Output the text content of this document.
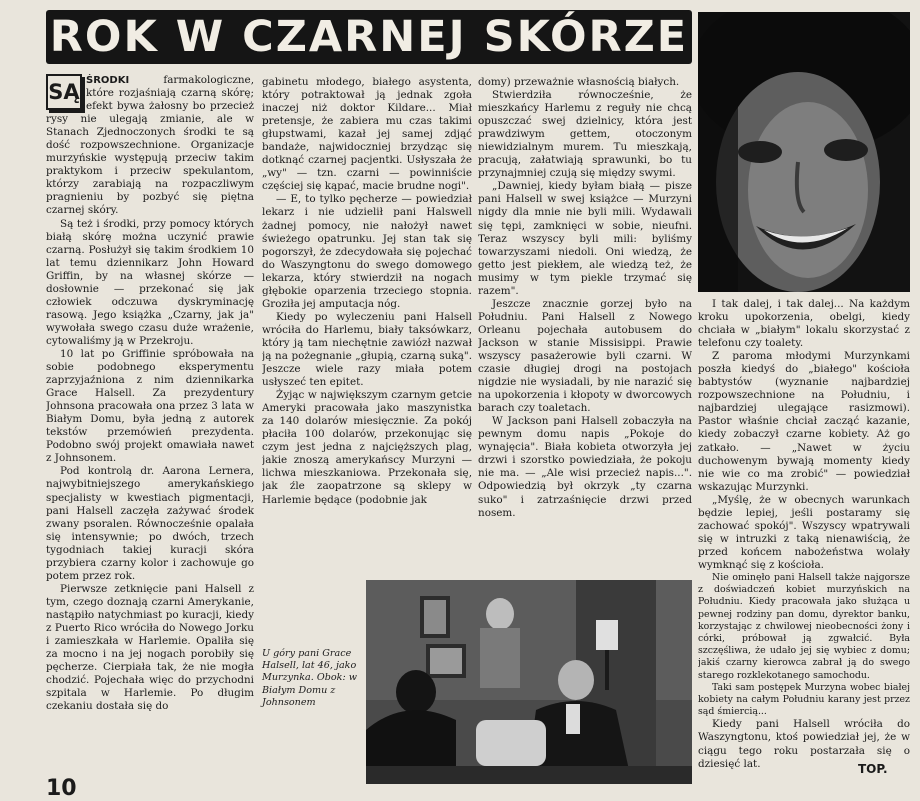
ROK W CZARNEJ SKÓRZE

SĄ ŚRODKI farmakologiczne, które rozjaśniają czarną skórę; efekt bywa żałosny bo przecież rysy nie ulegają zmianie, ale w Stanach Zjednoczonych środki te są dość rozpowszechnione. Organizacje murzyńskie występują przeciw takim praktykom i przeciw spekulantom, którzy zarabiają na rozpaczliwym pragnieniu by pozbyć się piętna czarnej skóry.

Są też i środki, przy pomocy których białą skórę można uczynić prawie czarną. Posłużył się takim środkiem 10 lat temu dziennikarz John Howard Griffin, by na własnej skórze — dosłownie — przekonać się jak człowiek odczuwa dyskryminację rasową. Jego książka „Czarny, jak ja" wywołała swego czasu duże wrażenie, cytowaliśmy ją w Przekroju.

10 lat po Griffinie spróbowała na sobie podobnego eksperymentu zaprzyjaźniona z nim dziennikarka Grace Halsell. Za prezydentury Johnsona pracowała ona przez 3 lata w Białym Domu, była jedną z autorek tekstów przemówień prezydenta. Podobno swój projekt omawiała nawet z Johnsonem.

Pod kontrolą dr. Aarona Lernera, najwybitniejszego amerykańskiego specjalisty w kwestiach pigmentacji, pani Halsell zaczęła zażywać środek zwany psoralen. Równocześnie opalała się intensywnie; po dwóch, trzech tygodniach takiej kuracji skóra przybiera czarny kolor i zachowuje go potem przez rok.

Pierwsze zetknięcie pani Halsell z tym, czego doznają czarni Amerykanie, nastąpiło natychmiast po kuracji, kiedy z Puerto Rico wróciła do Nowego Jorku i zamieszkała w Harlemie. Opaliła się za mocno i na jej nogach porobiły się pęcherze. Cierpiała tak, że nie mogła chodzić. Pojechała więc do przychodni szpitala w Harlemie. Po długim czekaniu dostała się do

gabinetu młodego, białego asystenta, który potraktował ją jednak zgoła inaczej niż doktor Kildare... Miał pretensje, że zabiera mu czas takimi głupstwami, kazał jej samej zdjąć bandaże, najwidoczniej brzydząc się dotknąć czarnej pacjentki. Usłyszała że „wy" — tzn. czarni — powinniście częściej się kąpać, macie brudne nogi".

— E, to tylko pęcherze — powiedział lekarz i nie udzielił pani Halswell żadnej pomocy, nie nałożył nawet świeżego opatrunku. Jej stan tak się pogorszył, że zdecydowała się pojechać do Waszyngtonu do swego domowego lekarza, który stwierdził na nogach głębokie oparzenia trzeciego stopnia. Groziła jej amputacja nóg.

Kiedy po wyleczeniu pani Halsell wróciła do Harlemu, biały taksówkarz, który ją tam niechętnie zawiózł nazwał ją na pożegnanie „głupią, czarną suką". Jeszcze wiele razy miała potem usłyszeć ten epitet.

Żyjąc w największym czarnym getcie Ameryki pracowała jako maszynistka za 140 dolarów miesięcznie. Za pokój płaciła 100 dolarów, przekonując się czym jest jedna z najcięższych plag, jakie znoszą amerykańscy Murzyni — lichwa mieszkaniowa. Przekonała się, jak źle zaopatrzone są sklepy w Harlemie będące (podobnie jak

domy) przeważnie własnością białych.

Stwierdziła równocześnie, że mieszkańcy Harlemu z reguły nie chcą opuszczać swej dzielnicy, która jest prawdziwym gettem, otoczonym niewidzialnym murem. Tu mieszkają, pracują, załatwiają sprawunki, bo tu przynajmniej czują się między swymi.

„Dawniej, kiedy byłam białą — pisze pani Halsell w swej książce — Murzyni nigdy dla mnie nie byli mili. Wydawali się tępi, zamknięci w sobie, nieufni. Teraz wszyscy byli mili: byliśmy towarzyszami niedoli. Oni wiedzą, że getto jest piekłem, ale wiedzą też, że musimy w tym piekle trzymać się razem".

Jeszcze znacznie gorzej było na Południu. Pani Halsell z Nowego Orleanu pojechała autobusem do Jackson w stanie Missisippi. Prawie wszyscy pasażerowie byli czarni. W czasie długiej drogi na postojach nigdzie nie wysiadali, by nie narazić się na upokorzenia i kłopoty w dworcowych barach czy toaletach.

W Jackson pani Halsell zobaczyła na pewnym domu napis „Pokoje do wynajęcia". Biała kobieta otworzyła jej drzwi i szorstko powiedziała, że pokoju nie ma. — „Ale wisi przecież napis...". Odpowiedzią był okrzyk „ty czarna suko" i zatrzaśnięcie drzwi przed nosem.

I tak dalej, i tak dalej... Na każdym kroku upokorzenia, obelgi, kiedy chciała w „białym" lokalu skorzystać z telefonu czy toalety.

Z paroma młodymi Murzynkami poszła kiedyś do „białego" kościoła babtystów (wyznanie najbardziej rozpowszechnione na Południu, i najbardziej ulegające rasizmowi). Pastor właśnie chciał zacząć kazanie, kiedy zobaczył czarne kobiety. Aż go zatkało. — „Nawet w życiu duchowenym bywają momenty kiedy nie wie co ma zrobić" — powiedział wskazując Murzynki.

„Myślę, że w obecnych warunkach będzie lepiej, jeśli postaramy się zachować spokój". Wszyscy wpatrywali się w intruzki z taką nienawiścią, że przed końcem nabożeństwa wolały wymknąć się z kościoła.

Nie ominęło pani Halsell także najgorsze z doświadczeń kobiet murzyńskich na Południu. Kiedy pracowała jako służąca u pewnej rodziny pan domu, dyrektor banku, korzystając z chwilowej nieobecności żony i córki, próbował ją zgwałcić. Była szczęśliwa, że udało jej się wybiec z domu; jakiś czarny kierowca zabrał ją do swego starego rozklekotanego samochodu.

Taki sam postępek Murzyna wobec białej kobiety na całym Południu karany jest przez sąd śmiercią...

Kiedy pani Halsell wróciła do Waszyngtonu, ktoś powiedział jej, że w ciągu tego roku postarzała się o dziesięć lat.

U góry pani Grace Halsell, lat 46, jako Murzynka. Obok: w Białym Domu z Johnsonem
TOP.
10
